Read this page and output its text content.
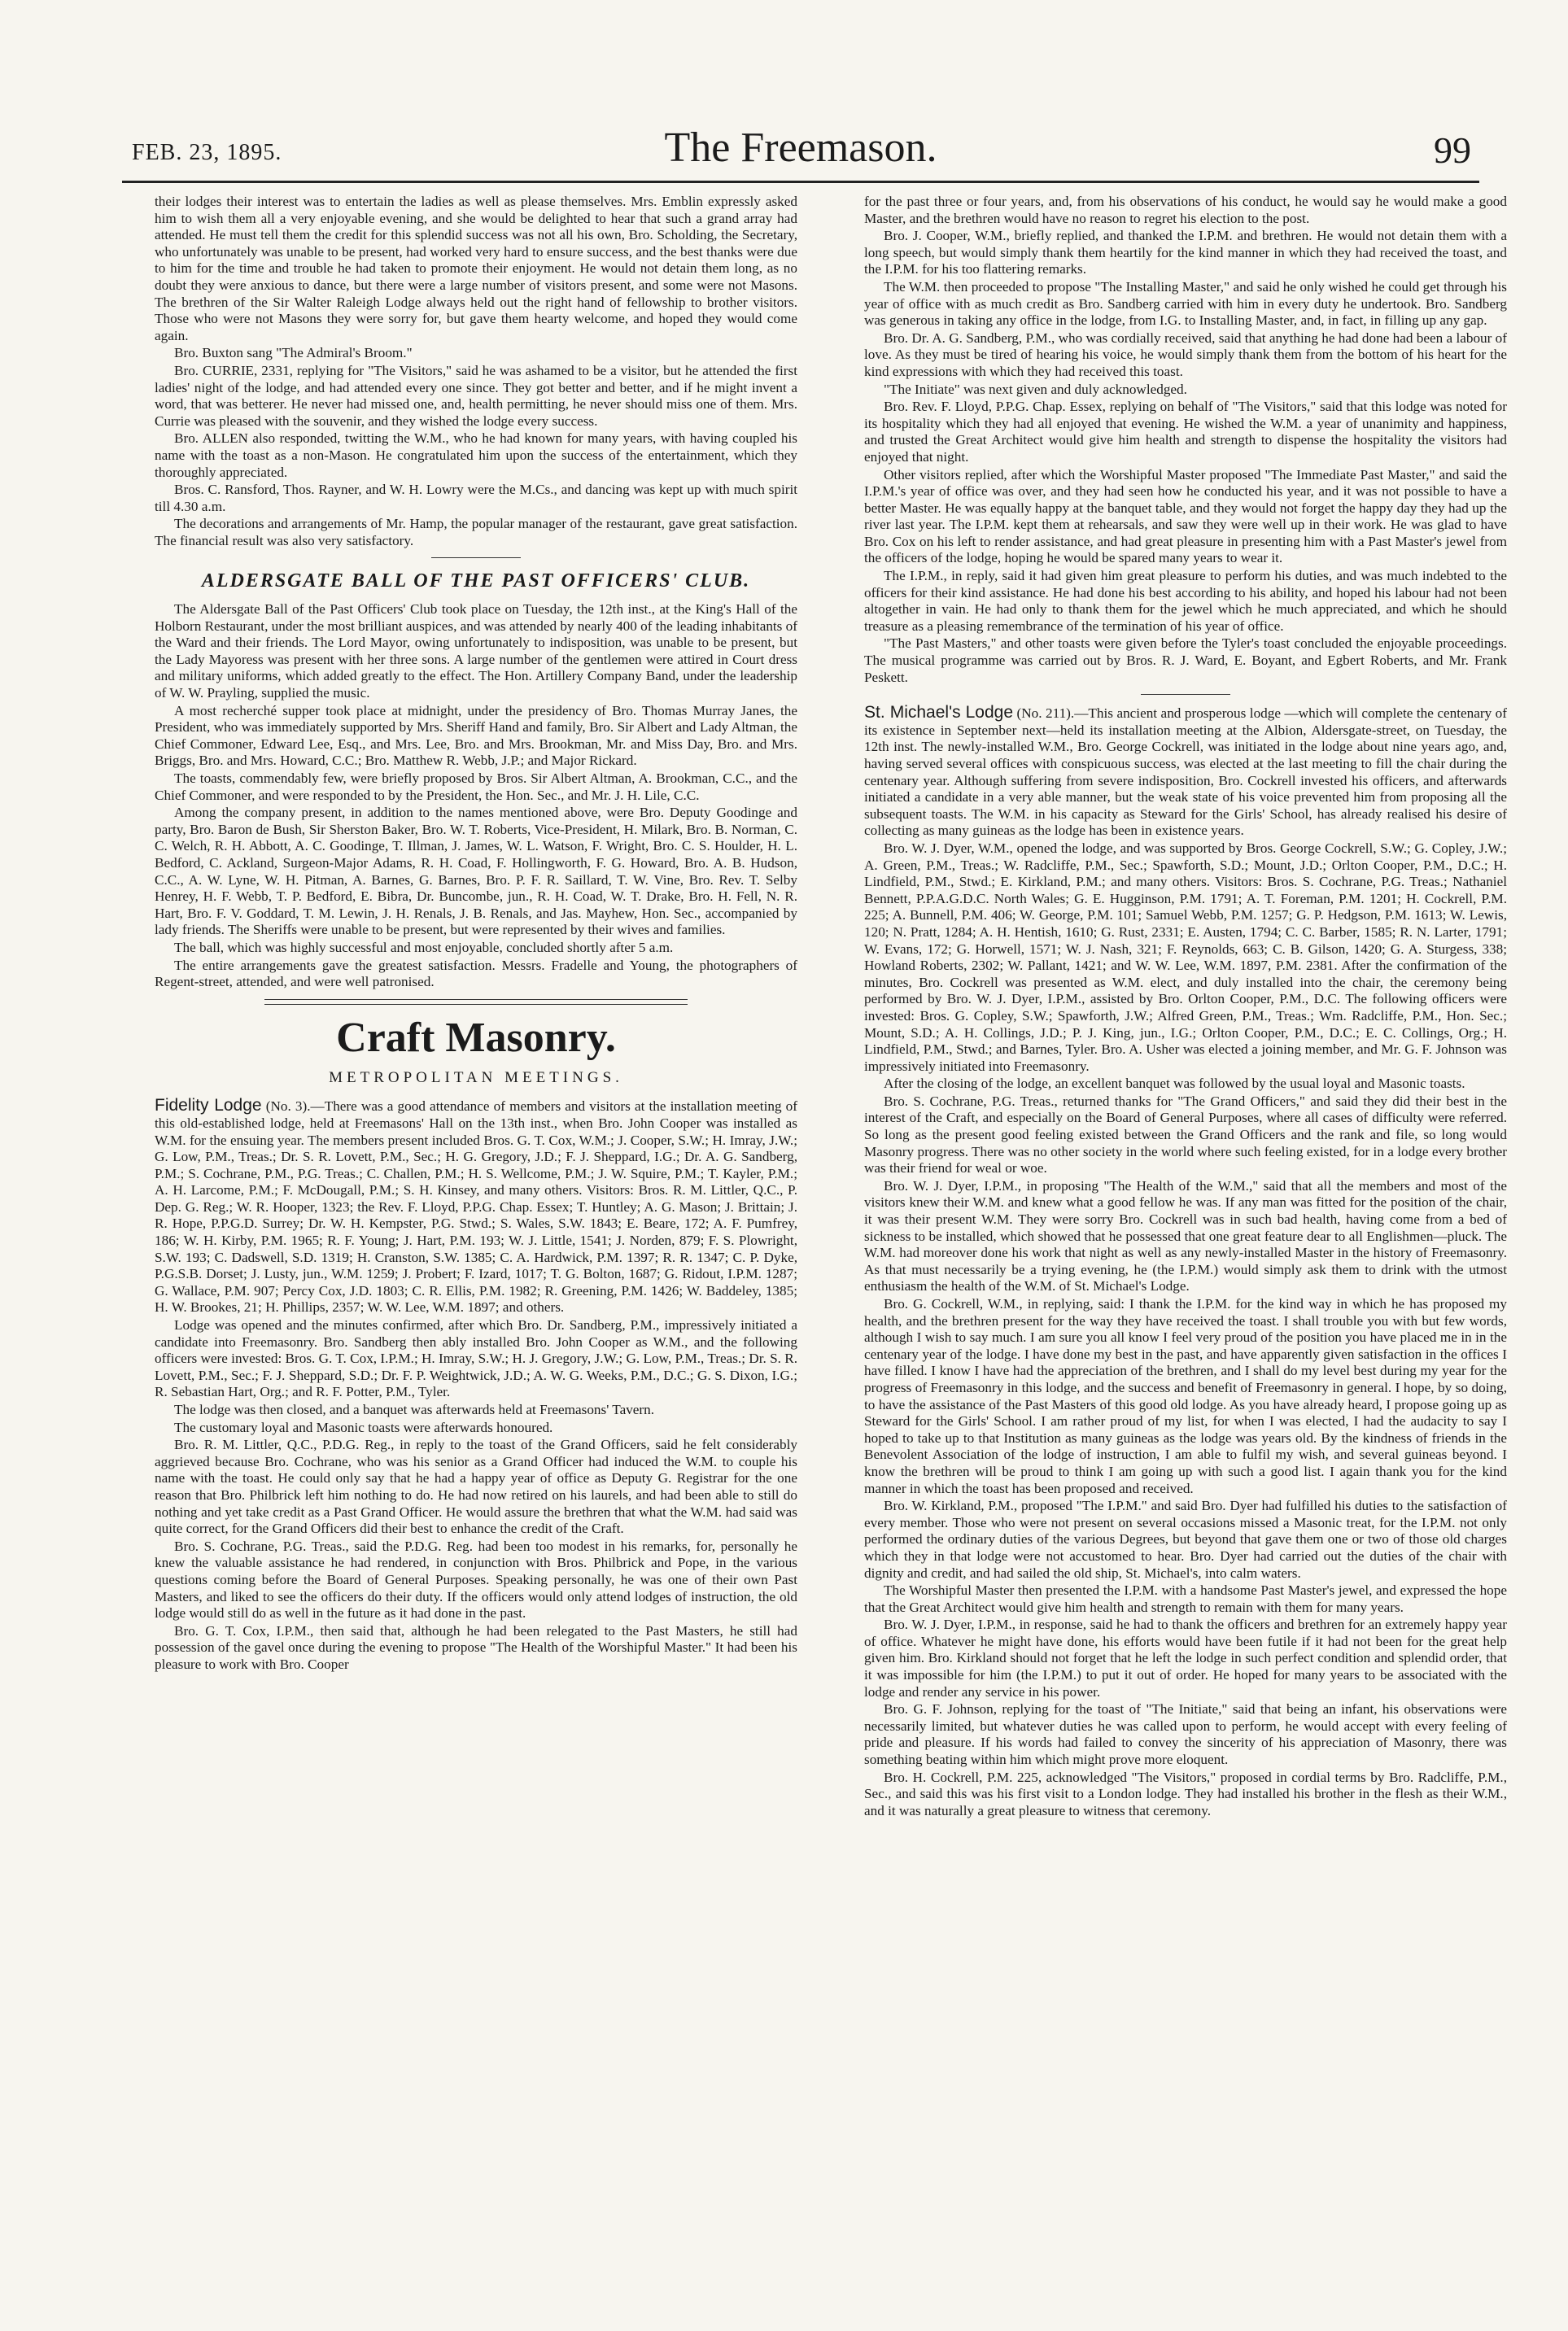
FEB. 23, 1895.	The Freemason.	99

their lodges their interest was to entertain the ladies as well as please themselves. Mrs. Emblin expressly asked him to wish them all a very enjoyable evening, and she would be delighted to hear that such a grand array had attended. He must tell them the credit for this splendid success was not all his own, Bro. Scholding, the Secretary, who unfortunately was unable to be present, had worked very hard to ensure success, and the best thanks were due to him for the time and trouble he had taken to promote their enjoyment. He would not detain them long, as no doubt they were anxious to dance, but there were a large number of visitors present, and some were not Masons. The brethren of the Sir Walter Raleigh Lodge always held out the right hand of fellowship to brother visitors. Those who were not Masons they were sorry for, but gave them hearty welcome, and hoped they would come again.

Bro. Buxton sang "The Admiral's Broom."

Bro. CURRIE, 2331, replying for "The Visitors," said he was ashamed to be a visitor, but he attended the first ladies' night of the lodge, and had attended every one since. They got better and better, and if he might invent a word, that was betterer. He never had missed one, and, health permitting, he never should miss one of them. Mrs. Currie was pleased with the souvenir, and they wished the lodge every success.

Bro. ALLEN also responded, twitting the W.M., who he had known for many years, with having coupled his name with the toast as a non-Mason. He congratulated him upon the success of the entertainment, which they thoroughly appreciated.

Bros. C. Ransford, Thos. Rayner, and W. H. Lowry were the M.Cs., and dancing was kept up with much spirit till 4.30 a.m.

The decorations and arrangements of Mr. Hamp, the popular manager of the restaurant, gave great satisfaction. The financial result was also very satisfactory.

ALDERSGATE BALL OF THE PAST OFFICERS' CLUB.

The Aldersgate Ball of the Past Officers' Club took place on Tuesday, the 12th inst., at the King's Hall of the Holborn Restaurant, under the most brilliant auspices, and was attended by nearly 400 of the leading inhabitants of the Ward and their friends. The Lord Mayor, owing unfortunately to indisposition, was unable to be present, but the Lady Mayoress was present with her three sons. A large number of the gentlemen were attired in Court dress and military uniforms, which added greatly to the effect. The Hon. Artillery Company Band, under the leadership of W. W. Prayling, supplied the music.

A most recherché supper took place at midnight, under the presidency of Bro. Thomas Murray Janes, the President, who was immediately supported by Mrs. Sheriff Hand and family, Bro. Sir Albert and Lady Altman, the Chief Commoner, Edward Lee, Esq., and Mrs. Lee, Bro. and Mrs. Brookman, Mr. and Miss Day, Bro. and Mrs. Briggs, Bro. and Mrs. Howard, C.C.; Bro. Matthew R. Webb, J.P.; and Major Rickard.

The toasts, commendably few, were briefly proposed by Bros. Sir Albert Altman, A. Brookman, C.C., and the Chief Commoner, and were responded to by the President, the Hon. Sec., and Mr. J. H. Lile, C.C.

Among the company present, in addition to the names mentioned above, were Bro. Deputy Goodinge and party, Bro. Baron de Bush, Sir Sherston Baker, Bro. W. T. Roberts, Vice-President, H. Milark, Bro. B. Norman, C. C. Welch, R. H. Abbott, A. C. Goodinge, T. Illman, J. James, W. L. Watson, F. Wright, Bro. C. S. Houlder, H. L. Bedford, C. Ackland, Surgeon-Major Adams, R. H. Coad, F. Hollingworth, F. G. Howard, Bro. A. B. Hudson, C.C., A. W. Lyne, W. H. Pitman, A. Barnes, G. Barnes, Bro. P. F. R. Saillard, T. W. Vine, Bro. Rev. T. Selby Henrey, H. F. Webb, T. P. Bedford, E. Bibra, Dr. Buncombe, jun., R. H. Coad, W. T. Drake, Bro. H. Fell, N. R. Hart, Bro. F. V. Goddard, T. M. Lewin, J. H. Renals, J. B. Renals, and Jas. Mayhew, Hon. Sec., accompanied by lady friends. The Sheriffs were unable to be present, but were represented by their wives and families.

The ball, which was highly successful and most enjoyable, concluded shortly after 5 a.m.

The entire arrangements gave the greatest satisfaction. Messrs. Fradelle and Young, the photographers of Regent-street, attended, and were well patronised.

Craft Masonry.
METROPOLITAN MEETINGS.

Fidelity Lodge (No. 3).—There was a good attendance of members and visitors at the installation meeting of this old-established lodge, held at Freemasons' Hall on the 13th inst., when Bro. John Cooper was installed as W.M. for the ensuing year. The members present included Bros. G. T. Cox, W.M.; J. Cooper, S.W.; H. Imray, J.W.; G. Low, P.M., Treas.; Dr. S. R. Lovett, P.M., Sec.; H. G. Gregory, J.D.; F. J. Sheppard, I.G.; Dr. A. G. Sandberg, P.M.; S. Cochrane, P.M., P.G. Treas.; C. Challen, P.M.; H. S. Wellcome, P.M.; J. W. Squire, P.M.; T. Kayler, P.M.; A. H. Larcome, P.M.; F. McDougall, P.M.; S. H. Kinsey, and many others. Visitors: Bros. R. M. Littler, Q.C., P. Dep. G. Reg.; W. R. Hooper, 1323; the Rev. F. Lloyd, P.P.G. Chap. Essex; T. Huntley; A. G. Mason; J. Brittain; J. R. Hope, P.P.G.D. Surrey; Dr. W. H. Kempster, P.G. Stwd.; S. Wales, S.W. 1843; E. Beare, 172; A. F. Pumfrey, 186; W. H. Kirby, P.M. 1965; R. F. Young; J. Hart, P.M. 193; W. J. Little, 1541; J. Norden, 879; F. S. Plowright, S.W. 193; C. Dadswell, S.D. 1319; H. Cranston, S.W. 1385; C. A. Hardwick, P.M. 1397; R. R. 1347; C. P. Dyke, P.G.S.B. Dorset; J. Lusty, jun., W.M. 1259; J. Probert; F. Izard, 1017; T. G. Bolton, 1687; G. Ridout, I.P.M. 1287; G. Wallace, P.M. 907; Percy Cox, J.D. 1803; C. R. Ellis, P.M. 1982; R. Greening, P.M. 1426; W. Baddeley, 1385; H. W. Brookes, 21; H. Phillips, 2357; W. W. Lee, W.M. 1897; and others.

Lodge was opened and the minutes confirmed, after which Bro. Dr. Sandberg, P.M., impressively initiated a candidate into Freemasonry. Bro. Sandberg then ably installed Bro. John Cooper as W.M., and the following officers were invested: Bros. G. T. Cox, I.P.M.; H. Imray, S.W.; H. J. Gregory, J.W.; G. Low, P.M., Treas.; Dr. S. R. Lovett, P.M., Sec.; F. J. Sheppard, S.D.; Dr. F. P. Weightwick, J.D.; A. W. G. Weeks, P.M., D.C.; G. S. Dixon, I.G.; R. Sebastian Hart, Org.; and R. F. Potter, P.M., Tyler.

The lodge was then closed, and a banquet was afterwards held at Freemasons' Tavern.

The customary loyal and Masonic toasts were afterwards honoured.

Bro. R. M. Littler, Q.C., P.D.G. Reg., in reply to the toast of the Grand Officers, said he felt considerably aggrieved because Bro. Cochrane, who was his senior as a Grand Officer had induced the W.M. to couple his name with the toast. He could only say that he had a happy year of office as Deputy G. Registrar for the one reason that Bro. Philbrick left him nothing to do. He had now retired on his laurels, and had been able to still do nothing and yet take credit as a Past Grand Officer. He would assure the brethren that what the W.M. had said was quite correct, for the Grand Officers did their best to enhance the credit of the Craft.

Bro. S. Cochrane, P.G. Treas., said the P.D.G. Reg. had been too modest in his remarks, for, personally he knew the valuable assistance he had rendered, in conjunction with Bros. Philbrick and Pope, in the various questions coming before the Board of General Purposes. Speaking personally, he was one of their own Past Masters, and liked to see the officers do their duty. If the officers would only attend lodges of instruction, the old lodge would still do as well in the future as it had done in the past.

Bro. G. T. Cox, I.P.M., then said that, although he had been relegated to the Past Masters, he still had possession of the gavel once during the evening to propose "The Health of the Worshipful Master." It had been his pleasure to work with Bro. Cooper

for the past three or four years, and, from his observations of his conduct, he would say he would make a good Master, and the brethren would have no reason to regret his election to the post.

Bro. J. Cooper, W.M., briefly replied, and thanked the I.P.M. and brethren. He would not detain them with a long speech, but would simply thank them heartily for the kind manner in which they had received the toast, and the I.P.M. for his too flattering remarks.

The W.M. then proceeded to propose "The Installing Master," and said he only wished he could get through his year of office with as much credit as Bro. Sandberg carried with him in every duty he undertook. Bro. Sandberg was generous in taking any office in the lodge, from I.G. to Installing Master, and, in fact, in filling up any gap.

Bro. Dr. A. G. Sandberg, P.M., who was cordially received, said that anything he had done had been a labour of love. As they must be tired of hearing his voice, he would simply thank them from the bottom of his heart for the kind expressions with which they had received this toast.

"The Initiate" was next given and duly acknowledged.

Bro. Rev. F. Lloyd, P.P.G. Chap. Essex, replying on behalf of "The Visitors," said that this lodge was noted for its hospitality which they had all enjoyed that evening. He wished the W.M. a year of unanimity and happiness, and trusted the Great Architect would give him health and strength to dispense the hospitality the visitors had enjoyed that night.

Other visitors replied, after which the Worshipful Master proposed "The Immediate Past Master," and said the I.P.M.'s year of office was over, and they had seen how he conducted his year, and it was not possible to have a better Master. He was equally happy at the banquet table, and they would not forget the happy day they had up the river last year. The I.P.M. kept them at rehearsals, and saw they were well up in their work. He was glad to have Bro. Cox on his left to render assistance, and had great pleasure in presenting him with a Past Master's jewel from the officers of the lodge, hoping he would be spared many years to wear it.

The I.P.M., in reply, said it had given him great pleasure to perform his duties, and was much indebted to the officers for their kind assistance. He had done his best according to his ability, and hoped his labour had not been altogether in vain. He had only to thank them for the jewel which he much appreciated, and which he should treasure as a pleasing remembrance of the termination of his year of office.

"The Past Masters," and other toasts were given before the Tyler's toast concluded the enjoyable proceedings. The musical programme was carried out by Bros. R. J. Ward, E. Boyant, and Egbert Roberts, and Mr. Frank Peskett.

St. Michael's Lodge (No. 211).—This ancient and prosperous lodge —which will complete the centenary of its existence in September next—held its installation meeting at the Albion, Aldersgate-street, on Tuesday, the 12th inst. The newly-installed W.M., Bro. George Cockrell, was initiated in the lodge about nine years ago, and, having served several offices with conspicuous success, was elected at the last meeting to fill the chair during the centenary year. Although suffering from severe indisposition, Bro. Cockrell invested his officers, and afterwards initiated a candidate in a very able manner, but the weak state of his voice prevented him from proposing all the subsequent toasts. The W.M. in his capacity as Steward for the Girls' School, has already realised his desire of collecting as many guineas as the lodge has been in existence years.

Bro. W. J. Dyer, W.M., opened the lodge, and was supported by Bros. George Cockrell, S.W.; G. Copley, J.W.; A. Green, P.M., Treas.; W. Radcliffe, P.M., Sec.; Spawforth, S.D.; Mount, J.D.; Orlton Cooper, P.M., D.C.; H. Lindfield, P.M., Stwd.; E. Kirkland, P.M.; and many others. Visitors: Bros. S. Cochrane, P.G. Treas.; Nathaniel Bennett, P.P.A.G.D.C. North Wales; G. E. Hugginson, P.M. 1791; A. T. Foreman, P.M. 1201; H. Cockrell, P.M. 225; A. Bunnell, P.M. 406; W. George, P.M. 101; Samuel Webb, P.M. 1257; G. P. Hedgson, P.M. 1613; W. Lewis, 120; N. Pratt, 1284; A. H. Hentish, 1610; G. Rust, 2331; E. Austen, 1794; C. C. Barber, 1585; R. N. Larter, 1791; W. Evans, 172; G. Horwell, 1571; W. J. Nash, 321; F. Reynolds, 663; C. B. Gilson, 1420; G. A. Sturgess, 338; Howland Roberts, 2302; W. Pallant, 1421; and W. W. Lee, W.M. 1897, P.M. 2381. After the confirmation of the minutes, Bro. Cockrell was presented as W.M. elect, and duly installed into the chair, the ceremony being performed by Bro. W. J. Dyer, I.P.M., assisted by Bro. Orlton Cooper, P.M., D.C. The following officers were invested: Bros. G. Copley, S.W.; Spawforth, J.W.; Alfred Green, P.M., Treas.; Wm. Radcliffe, P.M., Hon. Sec.; Mount, S.D.; A. H. Collings, J.D.; P. J. King, jun., I.G.; Orlton Cooper, P.M., D.C.; E. C. Collings, Org.; H. Lindfield, P.M., Stwd.; and Barnes, Tyler. Bro. A. Usher was elected a joining member, and Mr. G. F. Johnson was impressively initiated into Freemasonry.

After the closing of the lodge, an excellent banquet was followed by the usual loyal and Masonic toasts.

Bro. S. Cochrane, P.G. Treas., returned thanks for "The Grand Officers," and said they did their best in the interest of the Craft, and especially on the Board of General Purposes, where all cases of difficulty were referred. So long as the present good feeling existed between the Grand Officers and the rank and file, so long would Masonry progress. There was no other society in the world where such feeling existed, for in a lodge every brother was their friend for weal or woe.

Bro. W. J. Dyer, I.P.M., in proposing "The Health of the W.M.," said that all the members and most of the visitors knew their W.M. and knew what a good fellow he was. If any man was fitted for the position of the chair, it was their present W.M. They were sorry Bro. Cockrell was in such bad health, having come from a bed of sickness to be installed, which showed that he possessed that one great feature dear to all Englishmen—pluck. The W.M. had moreover done his work that night as well as any newly-installed Master in the history of Freemasonry. As that must necessarily be a trying evening, he (the I.P.M.) would simply ask them to drink with the utmost enthusiasm the health of the W.M. of St. Michael's Lodge.

Bro. G. Cockrell, W.M., in replying, said: I thank the I.P.M. for the kind way in which he has proposed my health, and the brethren present for the way they have received the toast. I shall trouble you with but few words, although I wish to say much. I am sure you all know I feel very proud of the position you have placed me in in the centenary year of the lodge. I have done my best in the past, and have apparently given satisfaction in the offices I have filled. I know I have had the appreciation of the brethren, and I shall do my level best during my year for the progress of Freemasonry in this lodge, and the success and benefit of Freemasonry in general. I hope, by so doing, to have the assistance of the Past Masters of this good old lodge. As you have already heard, I propose going up as Steward for the Girls' School. I am rather proud of my list, for when I was elected, I had the audacity to say I hoped to take up to that Institution as many guineas as the lodge was years old. By the kindness of friends in the Benevolent Association of the lodge of instruction, I am able to fulfil my wish, and several guineas beyond. I know the brethren will be proud to think I am going up with such a good list. I again thank you for the kind manner in which the toast has been proposed and received.

Bro. W. Kirkland, P.M., proposed "The I.P.M." and said Bro. Dyer had fulfilled his duties to the satisfaction of every member. Those who were not present on several occasions missed a Masonic treat, for the I.P.M. not only performed the ordinary duties of the various Degrees, but beyond that gave them one or two of those old charges which they in that lodge were not accustomed to hear. Bro. Dyer had carried out the duties of the chair with dignity and credit, and had sailed the old ship, St. Michael's, into calm waters.

The Worshipful Master then presented the I.P.M. with a handsome Past Master's jewel, and expressed the hope that the Great Architect would give him health and strength to remain with them for many years.

Bro. W. J. Dyer, I.P.M., in response, said he had to thank the officers and brethren for an extremely happy year of office. Whatever he might have done, his efforts would have been futile if it had not been for the great help given him. Bro. Kirkland should not forget that he left the lodge in such perfect condition and splendid order, that it was impossible for him (the I.P.M.) to put it out of order. He hoped for many years to be associated with the lodge and render any service in his power.

Bro. G. F. Johnson, replying for the toast of "The Initiate," said that being an infant, his observations were necessarily limited, but whatever duties he was called upon to perform, he would accept with every feeling of pride and pleasure. If his words had failed to convey the sincerity of his appreciation of Masonry, there was something beating within him which might prove more eloquent.

Bro. H. Cockrell, P.M. 225, acknowledged "The Visitors," proposed in cordial terms by Bro. Radcliffe, P.M., Sec., and said this was his first visit to a London lodge. They had installed his brother in the flesh as their W.M., and it was naturally a great pleasure to witness that ceremony.
